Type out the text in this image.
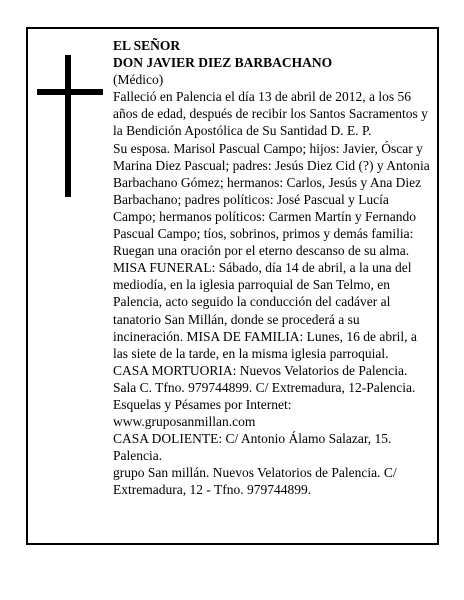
EL SEÑOR

DON JAVIER DIEZ BARBACHANO

(Médico)

Falleció en Palencia el día 13 de abril de 2012, a los 56 años de edad, después de recibir los Santos Sacramentos y la Bendición Apostólica de Su Santidad D. E. P.

Su esposa. Marisol Pascual Campo; hijos: Javier, Óscar y Marina Diez Pascual; padres: Jesús Diez Cid (?) y Antonia Barbachano Gómez; hermanos: Carlos, Jesús y Ana Diez Barbachano; padres políticos: José Pascual y Lucía Campo; hermanos políticos: Carmen Martín y Fernando Pascual Campo; tíos, sobrinos, primos y demás familia:

Ruegan una oración por el eterno descanso de su alma.

MISA FUNERAL: Sábado, día 14 de abril, a la una del mediodía, en la iglesia parroquial de San Telmo, en Palencia, acto seguido la conducción del cadáver al tanatorio San Millán, donde se procederá a su incineración. MISA DE FAMILIA: Lunes, 16 de abril, a las siete de la tarde, en la misma iglesia parroquial.

CASA MORTUORIA: Nuevos Velatorios de Palencia. Sala C. Tfno. 979744899. C/ Extremadura, 12-Palencia.

Esquelas y Pésames por Internet:

www.gruposanmillan.com

CASA DOLIENTE: C/ Antonio Álamo Salazar, 15. Palencia.

grupo San millán. Nuevos Velatorios de Palencia. C/ Extremadura, 12 - Tfno. 979744899.
